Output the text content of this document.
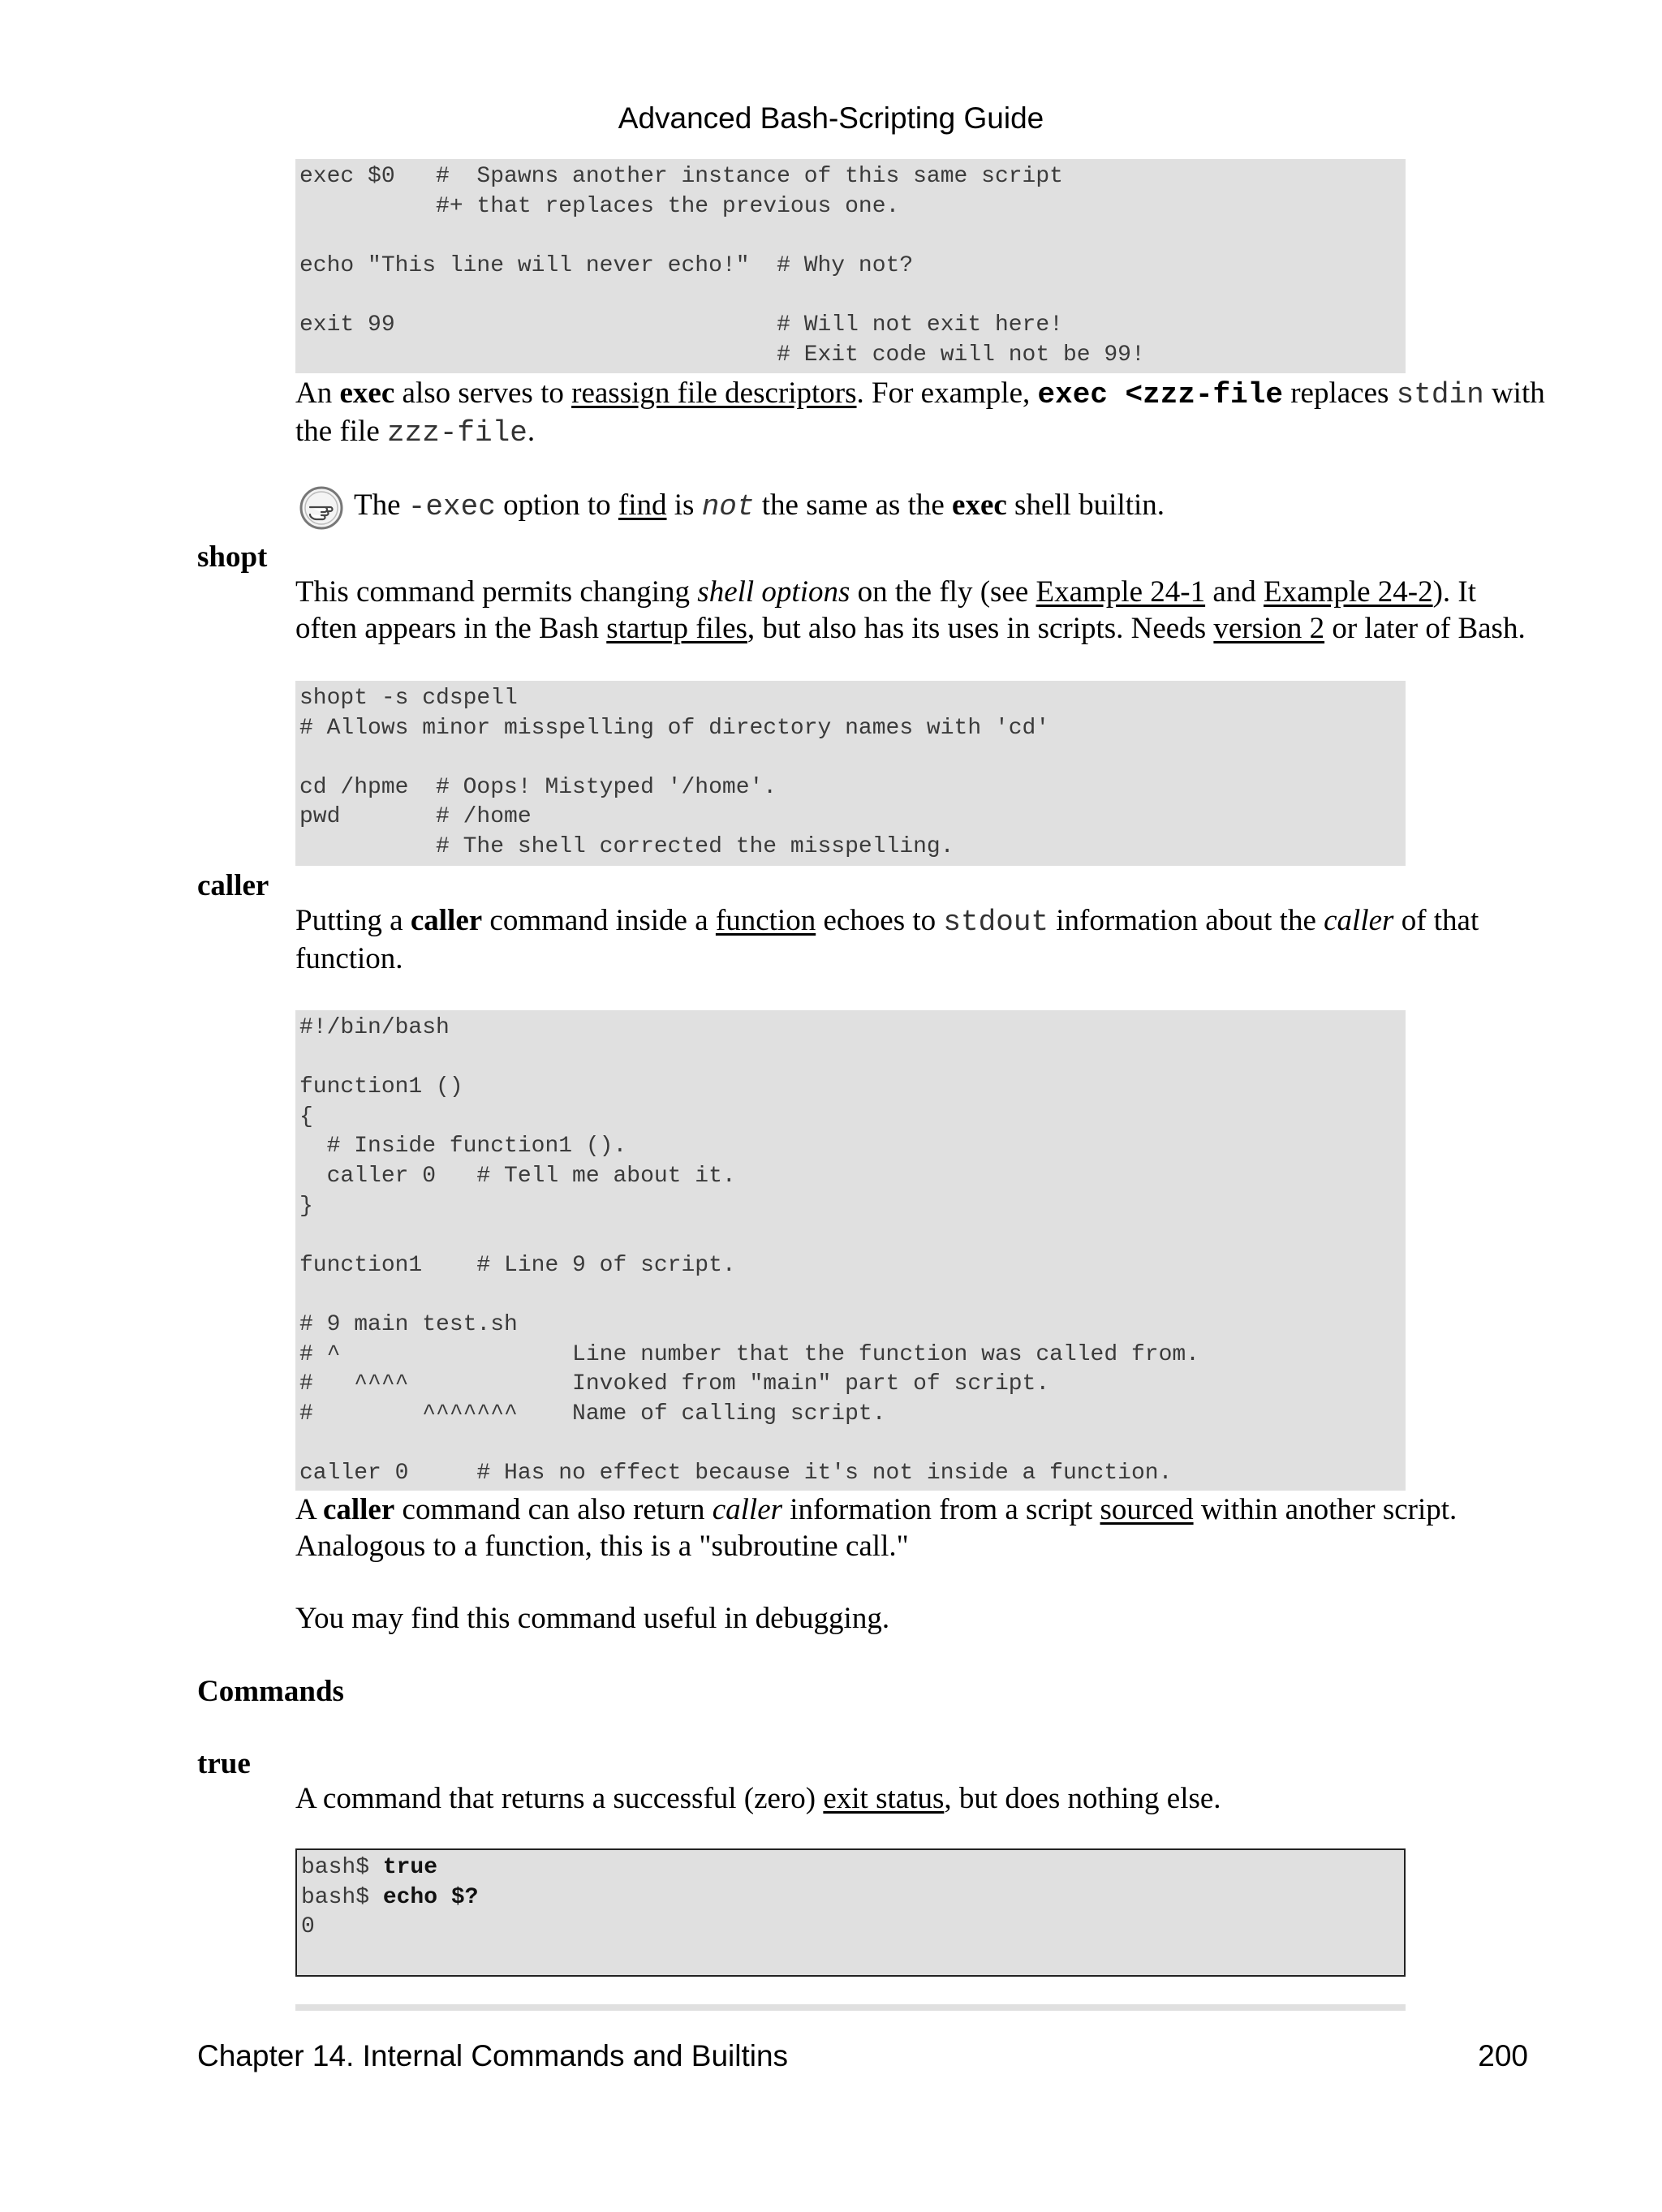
Advanced Bash-Scripting Guide
exec $0   #  Spawns another instance of this same script
#+ that replaces the previous one.

echo "This line will never echo!"  # Why not?

exit 99                            # Will not exit here!
# Exit code will not be 99!
An exec also serves to reassign file descriptors. For example, exec <zzz-file replaces stdin with the file zzz-file.
The -exec option to find is not the same as the exec shell builtin.
shopt
This command permits changing shell options on the fly (see Example 24-1 and Example 24-2). It often appears in the Bash startup files, but also has its uses in scripts. Needs version 2 or later of Bash.
shopt -s cdspell
# Allows minor misspelling of directory names with 'cd'

cd /hpme  # Oops! Mistyped '/home'.
pwd       # /home
# The shell corrected the misspelling.
caller
Putting a caller command inside a function echoes to stdout information about the caller of that function.
#!/bin/bash

function1 ()
{
# Inside function1 ().
caller 0   # Tell me about it.
}

function1    # Line 9 of script.

# 9 main test.sh
# ^                 Line number that the function was called from.
#   ^^^^            Invoked from "main" part of script.
#        ^^^^^^^    Name of calling script.

caller 0     # Has no effect because it's not inside a function.
A caller command can also return caller information from a script sourced within another script. Analogous to a function, this is a "subroutine call."
You may find this command useful in debugging.
Commands
true
A command that returns a successful (zero) exit status, but does nothing else.
bash$ true
bash$ echo $?
0
Chapter 14. Internal Commands and Builtins	200
